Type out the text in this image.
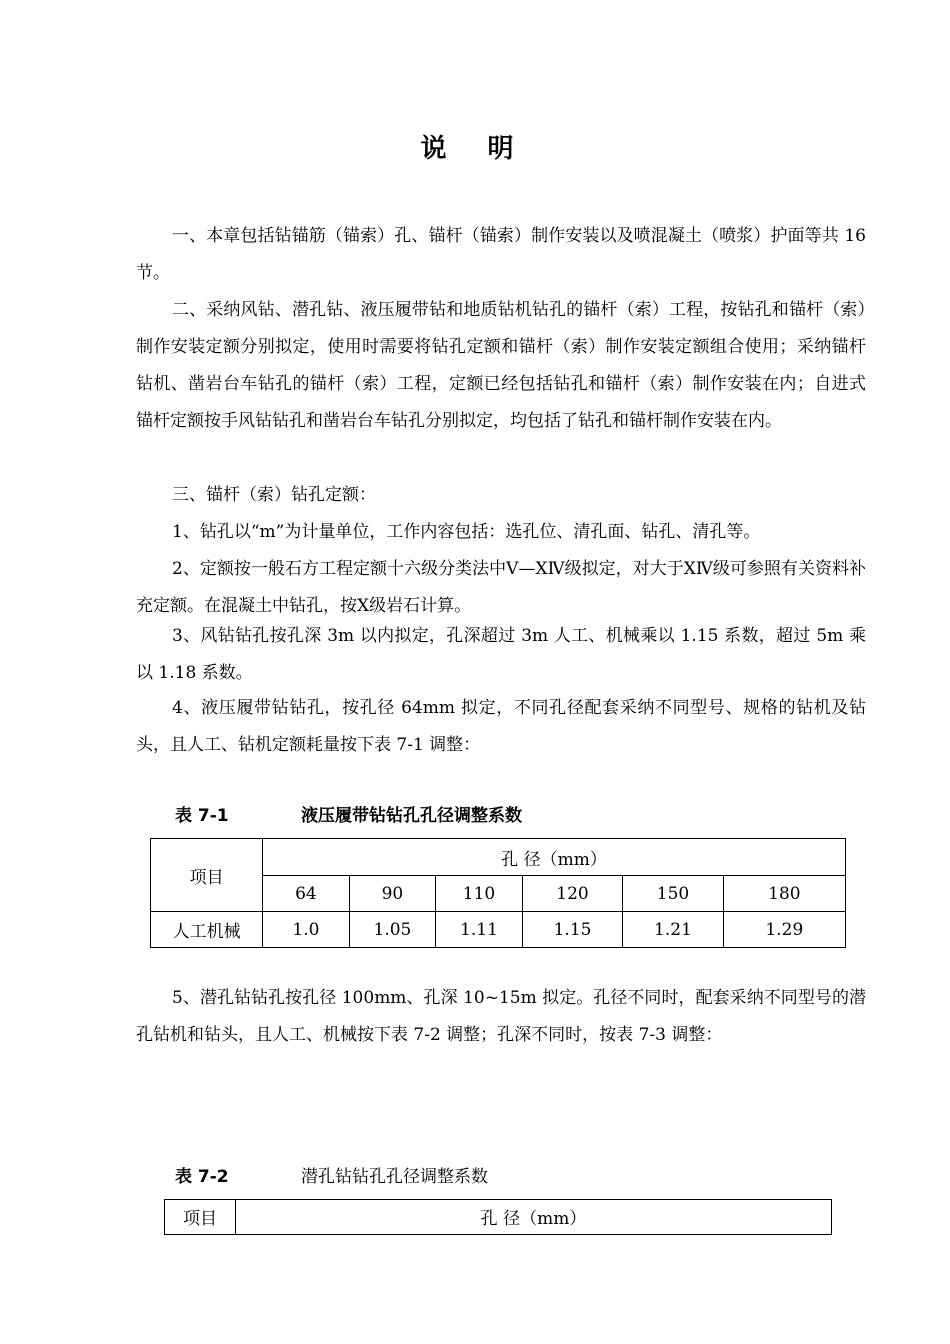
说 明
一、本章包括钻锚筋（锚索）孔、锚杆（锚索）制作安装以及喷混凝土（喷浆）护面等共 16 节。
二、采纳风钻、潜孔钻、液压履带钻和地质钻机钻孔的锚杆（索）工程，按钻孔和锚杆（索）制作安装定额分别拟定，使用时需要将钻孔定额和锚杆（索）制作安装定额组合使用；采纳锚杆钻机、凿岩台车钻孔的锚杆（索）工程，定额已经包括钻孔和锚杆（索）制作安装在内；自进式锚杆定额按手风钻钻孔和凿岩台车钻孔分别拟定，均包括了钻孔和锚杆制作安装在内。
三、锚杆（索）钻孔定额：
1、钻孔以“m”为计量单位，工作内容包括：选孔位、清孔面、钻孔、清孔等。
2、定额按一般石方工程定额十六级分类法中Ⅴ—ⅩⅣ级拟定，对大于ⅩⅣ级可参照有关资料补充定额。在混凝土中钻孔，按Ⅹ级岩石计算。
3、风钻钻孔按孔深 3m 以内拟定，孔深超过 3m 人工、机械乘以 1.15 系数，超过 5m 乘以 1.18 系数。
4、液压履带钻钻孔，按孔径 64mm 拟定，不同孔径配套采纳不同型号、规格的钻机及钻头，且人工、钻机定额耗量按下表 7-1 调整：
表 7-1	液压履带钻钻孔孔径调整系数
项目	孔 径（mm）					
	64	90	110	120	150	180
人工机械	1.0	1.05	1.11	1.15	1.21	1.29
5、潜孔钻钻孔按孔径 100mm、孔深 10~15m 拟定。孔径不同时，配套采纳不同型号的潜孔钻机和钻头，且人工、机械按下表 7-2 调整；孔深不同时，按表 7-3 调整：
表 7-2	潜孔钻钻孔孔径调整系数
项目	孔 径（mm）
